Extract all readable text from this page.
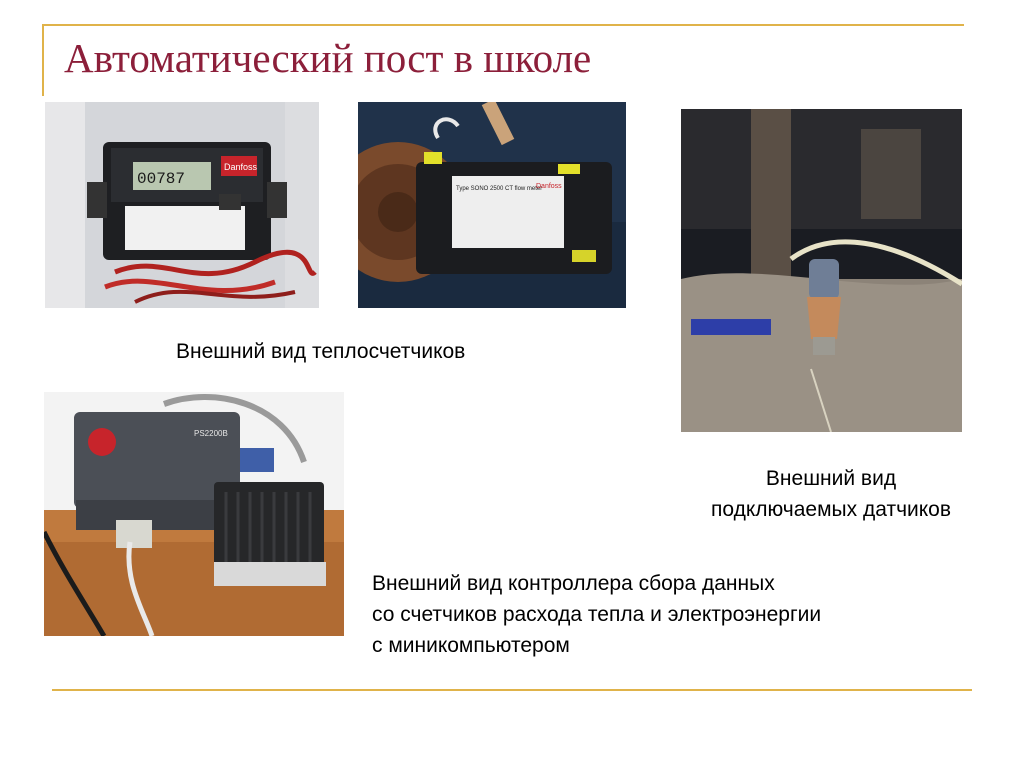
Автоматический пост в школе
00787
Danfoss
Type SONO 2500 CT flow meter
Danfoss
Внешний вид теплосчетчиков
Внешний вид
подключаемых датчиков
PS2200B
Внешний вид контроллера сбора данных
со счетчиков расхода тепла и электроэнергии
с миникомпьютером
